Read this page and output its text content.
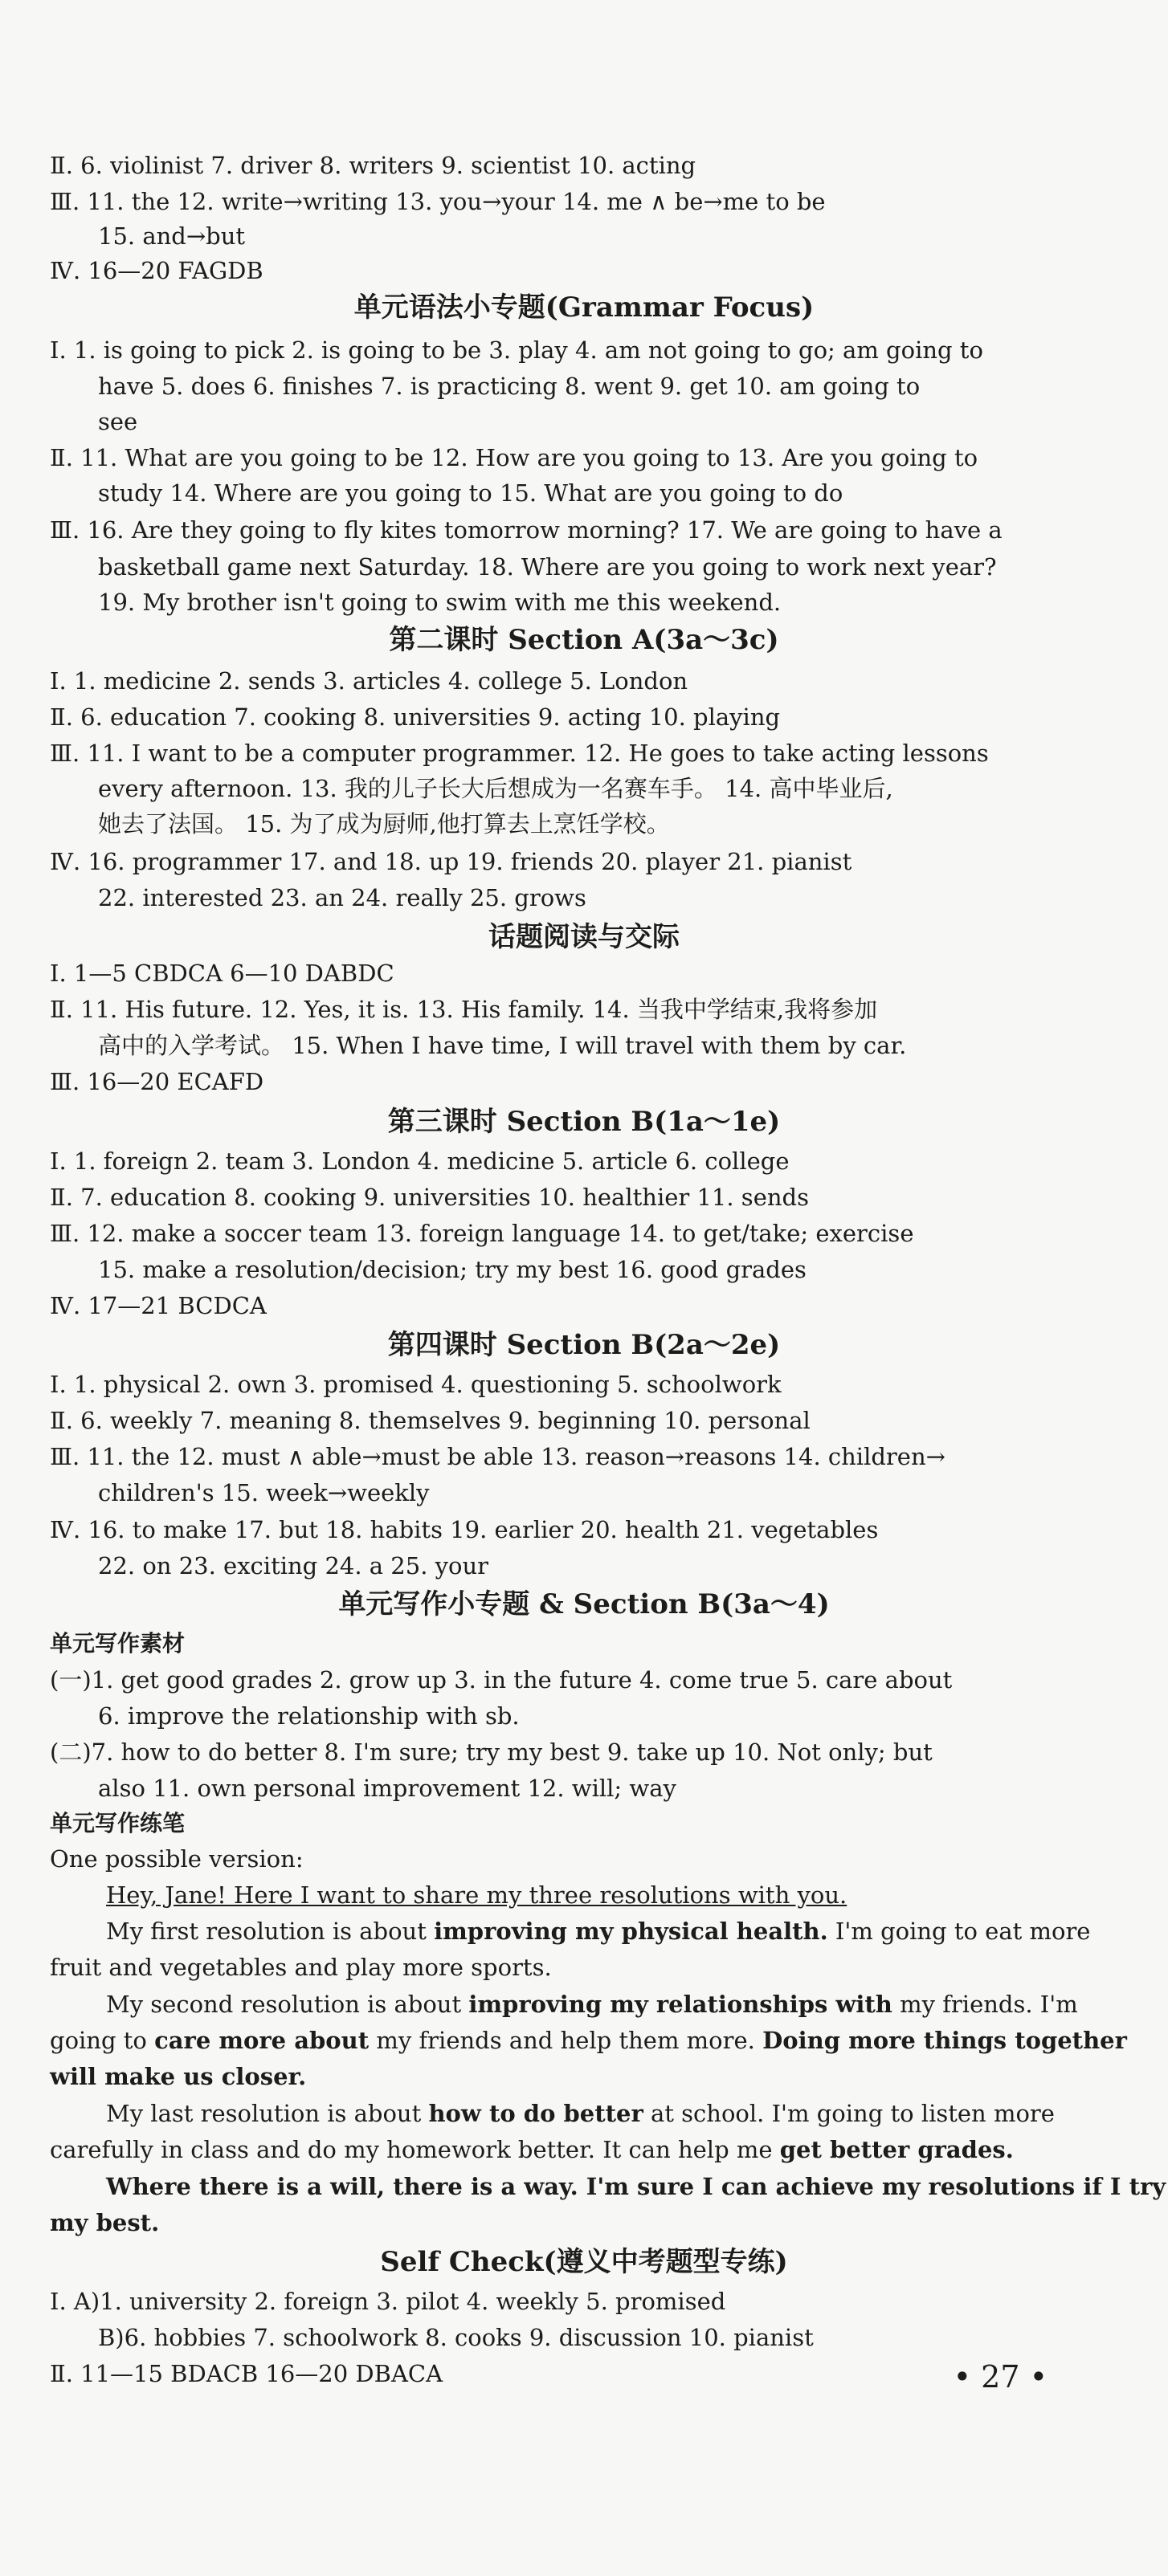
Ⅱ. 6. violinist 7. driver 8. writers 9. scientist 10. acting
Ⅲ. 11. the 12. write→writing 13. you→your 14. me ∧ be→me to be
15. and→but
Ⅳ. 16—20 FAGDB
单元语法小专题(Grammar Focus)
Ⅰ. 1. is going to pick 2. is going to be 3. play 4. am not going to go; am going to
have 5. does 6. finishes 7. is practicing 8. went 9. get 10. am going to
see
Ⅱ. 11. What are you going to be 12. How are you going to 13. Are you going to
study 14. Where are you going to 15. What are you going to do
Ⅲ. 16. Are they going to fly kites tomorrow morning? 17. We are going to have a
basketball game next Saturday. 18. Where are you going to work next year?
19. My brother isn't going to swim with me this weekend.
第二课时 Section A(3a～3c)
Ⅰ. 1. medicine 2. sends 3. articles 4. college 5. London
Ⅱ. 6. education 7. cooking 8. universities 9. acting 10. playing
Ⅲ. 11. I want to be a computer programmer. 12. He goes to take acting lessons
every afternoon. 13. 我的儿子长大后想成为一名赛车手。 14. 高中毕业后,
她去了法国。 15. 为了成为厨师,他打算去上烹饪学校。
Ⅳ. 16. programmer 17. and 18. up 19. friends 20. player 21. pianist
22. interested 23. an 24. really 25. grows
话题阅读与交际
Ⅰ. 1—5 CBDCA 6—10 DABDC
Ⅱ. 11. His future. 12. Yes, it is. 13. His family. 14. 当我中学结束,我将参加
高中的入学考试。 15. When I have time, I will travel with them by car.
Ⅲ. 16—20 ECAFD
第三课时 Section B(1a～1e)
Ⅰ. 1. foreign 2. team 3. London 4. medicine 5. article 6. college
Ⅱ. 7. education 8. cooking 9. universities 10. healthier 11. sends
Ⅲ. 12. make a soccer team 13. foreign language 14. to get/take; exercise
15. make a resolution/decision; try my best 16. good grades
Ⅳ. 17—21 BCDCA
第四课时 Section B(2a～2e)
Ⅰ. 1. physical 2. own 3. promised 4. questioning 5. schoolwork
Ⅱ. 6. weekly 7. meaning 8. themselves 9. beginning 10. personal
Ⅲ. 11. the 12. must ∧ able→must be able 13. reason→reasons 14. children→
children's 15. week→weekly
Ⅳ. 16. to make 17. but 18. habits 19. earlier 20. health 21. vegetables
22. on 23. exciting 24. a 25. your
单元写作小专题 & Section B(3a～4)
单元写作素材
(一)1. get good grades 2. grow up 3. in the future 4. come true 5. care about
6. improve the relationship with sb.
(二)7. how to do better 8. I'm sure; try my best 9. take up 10. Not only; but
also 11. own personal improvement 12. will; way
单元写作练笔
One possible version:
Hey, Jane! Here I want to share my three resolutions with you.
My first resolution is about improving my physical health. I'm going to eat more
fruit and vegetables and play more sports.
My second resolution is about improving my relationships with my friends. I'm
going to care more about my friends and help them more. Doing more things together
will make us closer.
My last resolution is about how to do better at school. I'm going to listen more
carefully in class and do my homework better. It can help me get better grades.
Where there is a will, there is a way. I'm sure I can achieve my resolutions if I try
my best.
Self Check(遵义中考题型专练)
Ⅰ. A)1. university 2. foreign 3. pilot 4. weekly 5. promised
B)6. hobbies 7. schoolwork 8. cooks 9. discussion 10. pianist
Ⅱ. 11—15 BDACB 16—20 DBACA	• 27 •
